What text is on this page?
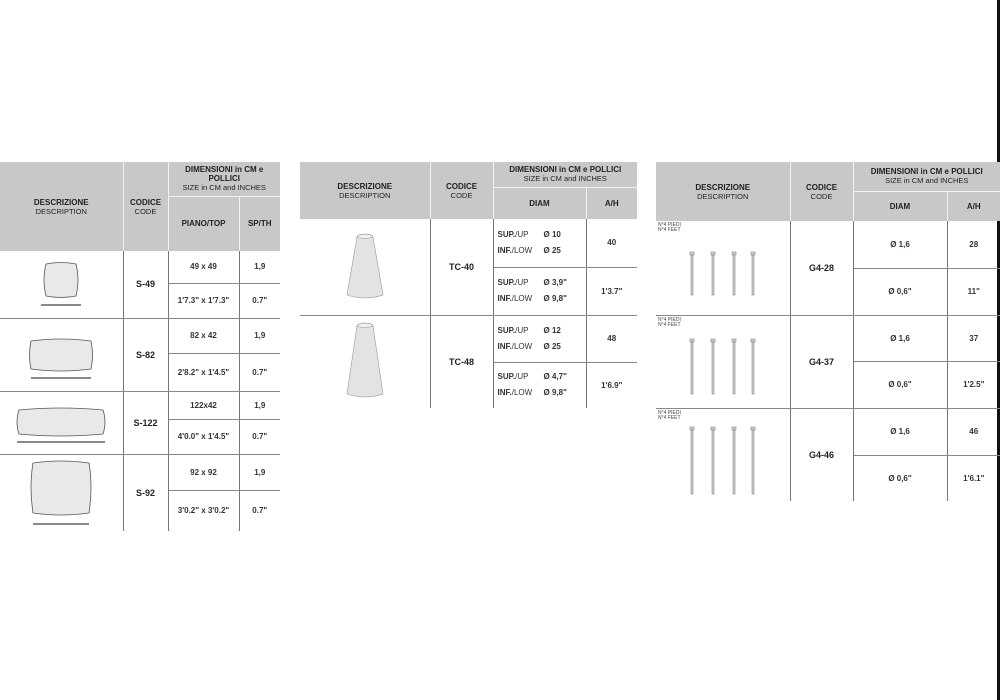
DESCRIZIONE
DESCRIPTION	CODICE
CODE	DIMENSIONI in CM e POLLICI
SIZE in CM and INCHES	

		PIANO/TOP	SP/TH

	S-49	49 x 49	1,9
		1'7.3" x 1'7.3"	0.7"

	S-82	82 x 42	1,9
		2'8.2" x 1'4.5"	0.7"

	S-122	122x42	1,9
		4'0.0" x 1'4.5"	0.7"

	S-92	92 x 92	1,9
		3'0.2" x 3'0.2"	0.7"
DESCRIZIONE
DESCRIPTION	CODICE
CODE	DIMENSIONI in CM e POLLICI
SIZE in CM and INCHES	

		DIAM	A/H

	TC-40	SUP./UP Ø 10
INF./LOW Ø 25	40

		SUP./UP Ø 3,9"
INF./LOW Ø 9,8"	1'3.7"

	TC-48	SUP./UP Ø 12
INF./LOW Ø 25	48

		SUP./UP Ø 4,7"
INF./LOW Ø 9,8"	1'6.9"
DESCRIZIONE
DESCRIPTION	CODICE
CODE	DIMENSIONI in CM e POLLICI
SIZE in CM and INCHES	

		DIAM	A/H

N°4 PIEDI
N°4 FEET	G4-28	Ø 1,6	28
		Ø 0,6"	11"

N°4 PIEDI
N°4 FEET	G4-37	Ø 1,6	37
		Ø 0,6"	1'2.5"

N°4 PIEDI
N°4 FEET	G4-46	Ø 1,6	46
		Ø 0,6"	1'6.1"
